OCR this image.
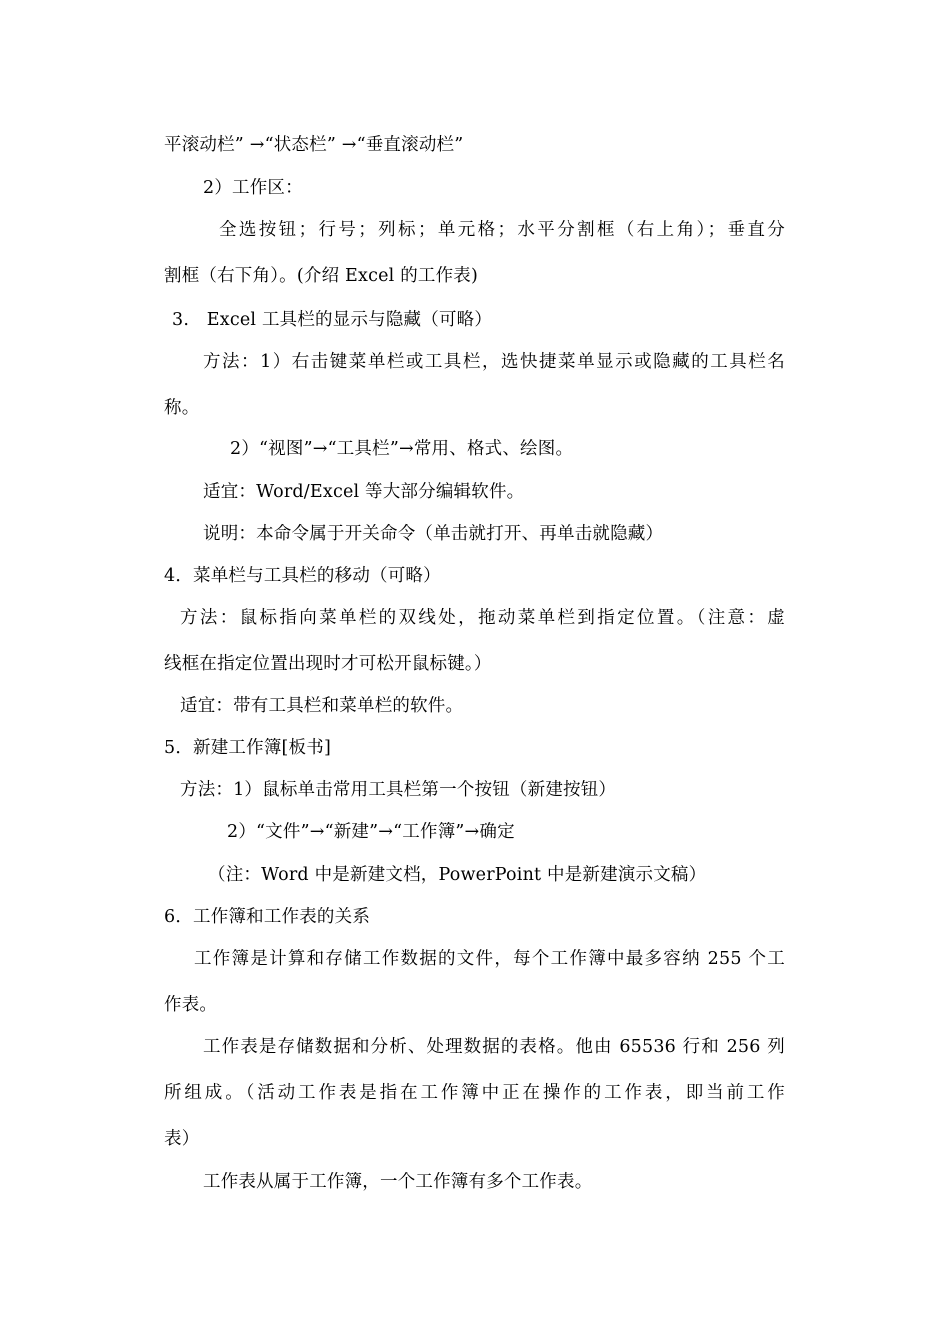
平滚动栏” →“状态栏” →“垂直滚动栏”
2）工作区：
全选按钮；行号；列标；单元格；水平分割框（右上角）；垂直分
割框（右下角）。(介绍 Excel 的工作表)
3.　Excel 工具栏的显示与隐藏（可略）
方法：1）右击键菜单栏或工具栏，选快捷菜单显示或隐藏的工具栏名
称。
2）“视图”→“工具栏”→常用、格式、绘图。
适宜：Word/Excel 等大部分编辑软件。
说明：本命令属于开关命令（单击就打开、再单击就隐藏）
4．菜单栏与工具栏的移动（可略）
方法：鼠标指向菜单栏的双线处，拖动菜单栏到指定位置。（注意：虚
线框在指定位置出现时才可松开鼠标键。）
适宜：带有工具栏和菜单栏的软件。
5．新建工作簿[板书]
方法：1）鼠标单击常用工具栏第一个按钮（新建按钮）
2）“文件”→“新建”→“工作簿”→确定
（注：Word 中是新建文档，PowerPoint 中是新建演示文稿）
6．工作簿和工作表的关系
工作簿是计算和存储工作数据的文件，每个工作簿中最多容纳 255 个工
作表。
工作表是存储数据和分析、处理数据的表格。他由 65536 行和 256 列
所组成。（活动工作表是指在工作簿中正在操作的工作表，即当前工作
表）
工作表从属于工作簿，一个工作簿有多个工作表。
